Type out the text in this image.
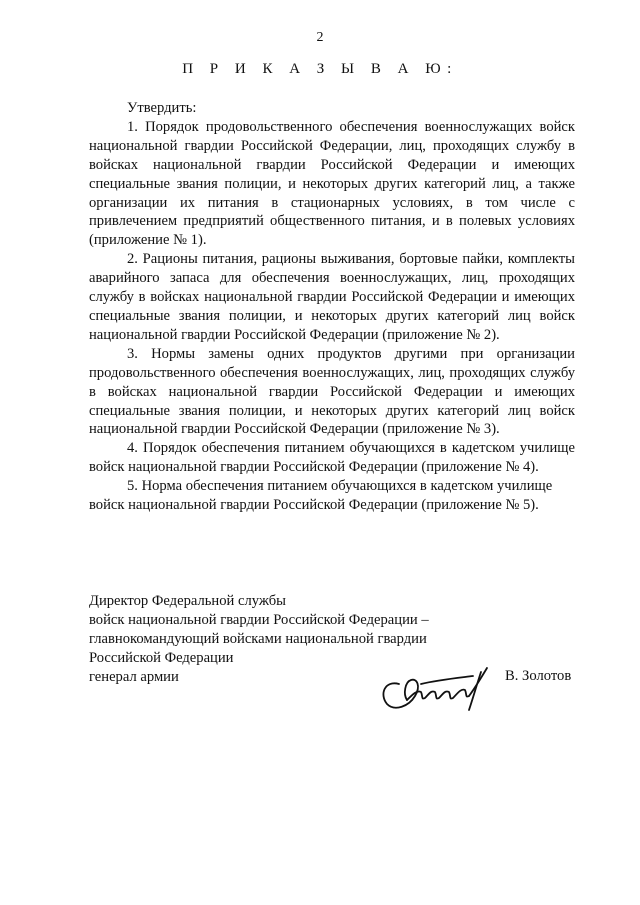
2
П Р И К А З Ы В А Ю:

Утвердить:

1. Порядок продовольственного обеспечения военнослужащих войск национальной гвардии Российской Федерации, лиц, проходящих службу в войсках национальной гвардии Российской Федерации и имеющих специальные звания полиции, и некоторых других категорий лиц, а также организации их питания в стационарных условиях, в том числе с привлечением предприятий общественного питания, и в полевых условиях (приложение № 1).

2. Рационы питания, рационы выживания, бортовые пайки, комплекты аварийного запаса для обеспечения военнослужащих, лиц, проходящих службу в войсках национальной гвардии Российской Федерации и имеющих специальные звания полиции, и некоторых других категорий лиц войск национальной гвардии Российской Федерации (приложение № 2).

3. Нормы замены одних продуктов другими при организации продовольственного обеспечения военнослужащих, лиц, проходящих службу в войсках национальной гвардии Российской Федерации и имеющих специальные звания полиции, и некоторых других категорий лиц войск национальной гвардии Российской Федерации (приложение № 3).

4. Порядок обеспечения питанием обучающихся в кадетском училище войск национальной гвардии Российской Федерации (приложение № 4).

5. Норма обеспечения питанием обучающихся в кадетском училище войск национальной гвардии Российской Федерации (приложение № 5).

Директор Федеральной службы
войск национальной гвардии Российской Федерации –
главнокомандующий войсками национальной гвардии
Российской Федерации
генерал армии	В. Золотов
